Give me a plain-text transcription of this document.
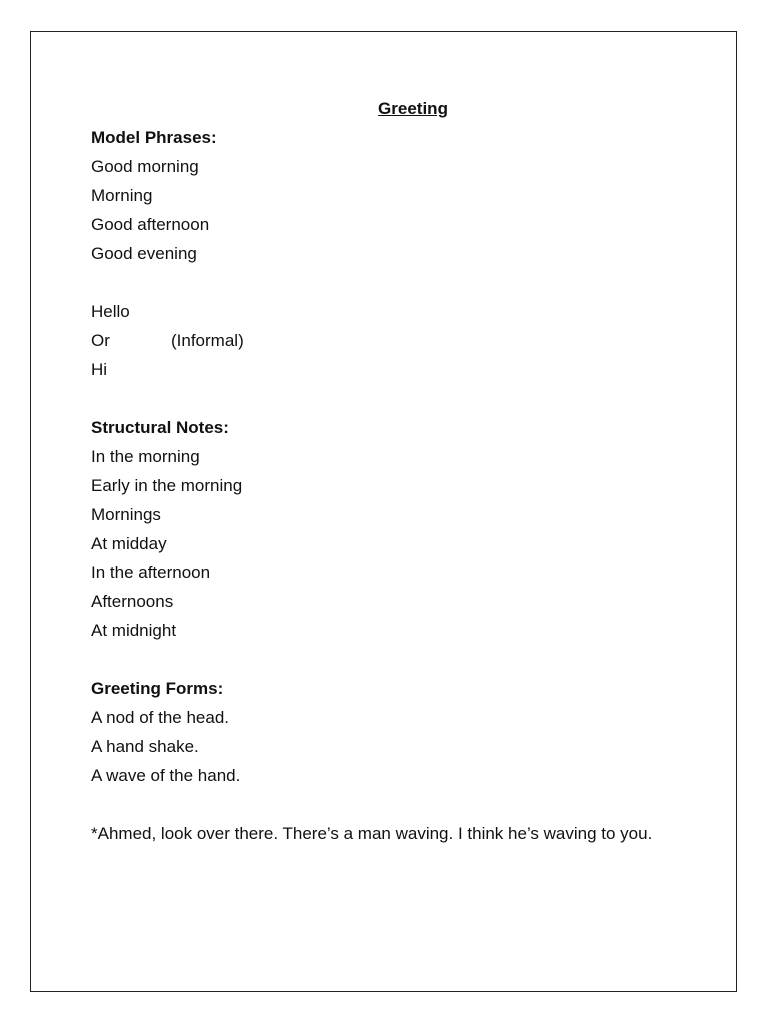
Greeting
Model Phrases:
Good morning
Morning
Good afternoon
Good evening
Hello
Or	(Informal)
Hi
Structural Notes:
In the morning
Early in the morning
Mornings
At midday
In the afternoon
Afternoons
At midnight
Greeting Forms:
A nod of the head.
A hand shake.
A wave of the hand.
*Ahmed, look over there. There’s a man waving. I think he’s waving to you.
